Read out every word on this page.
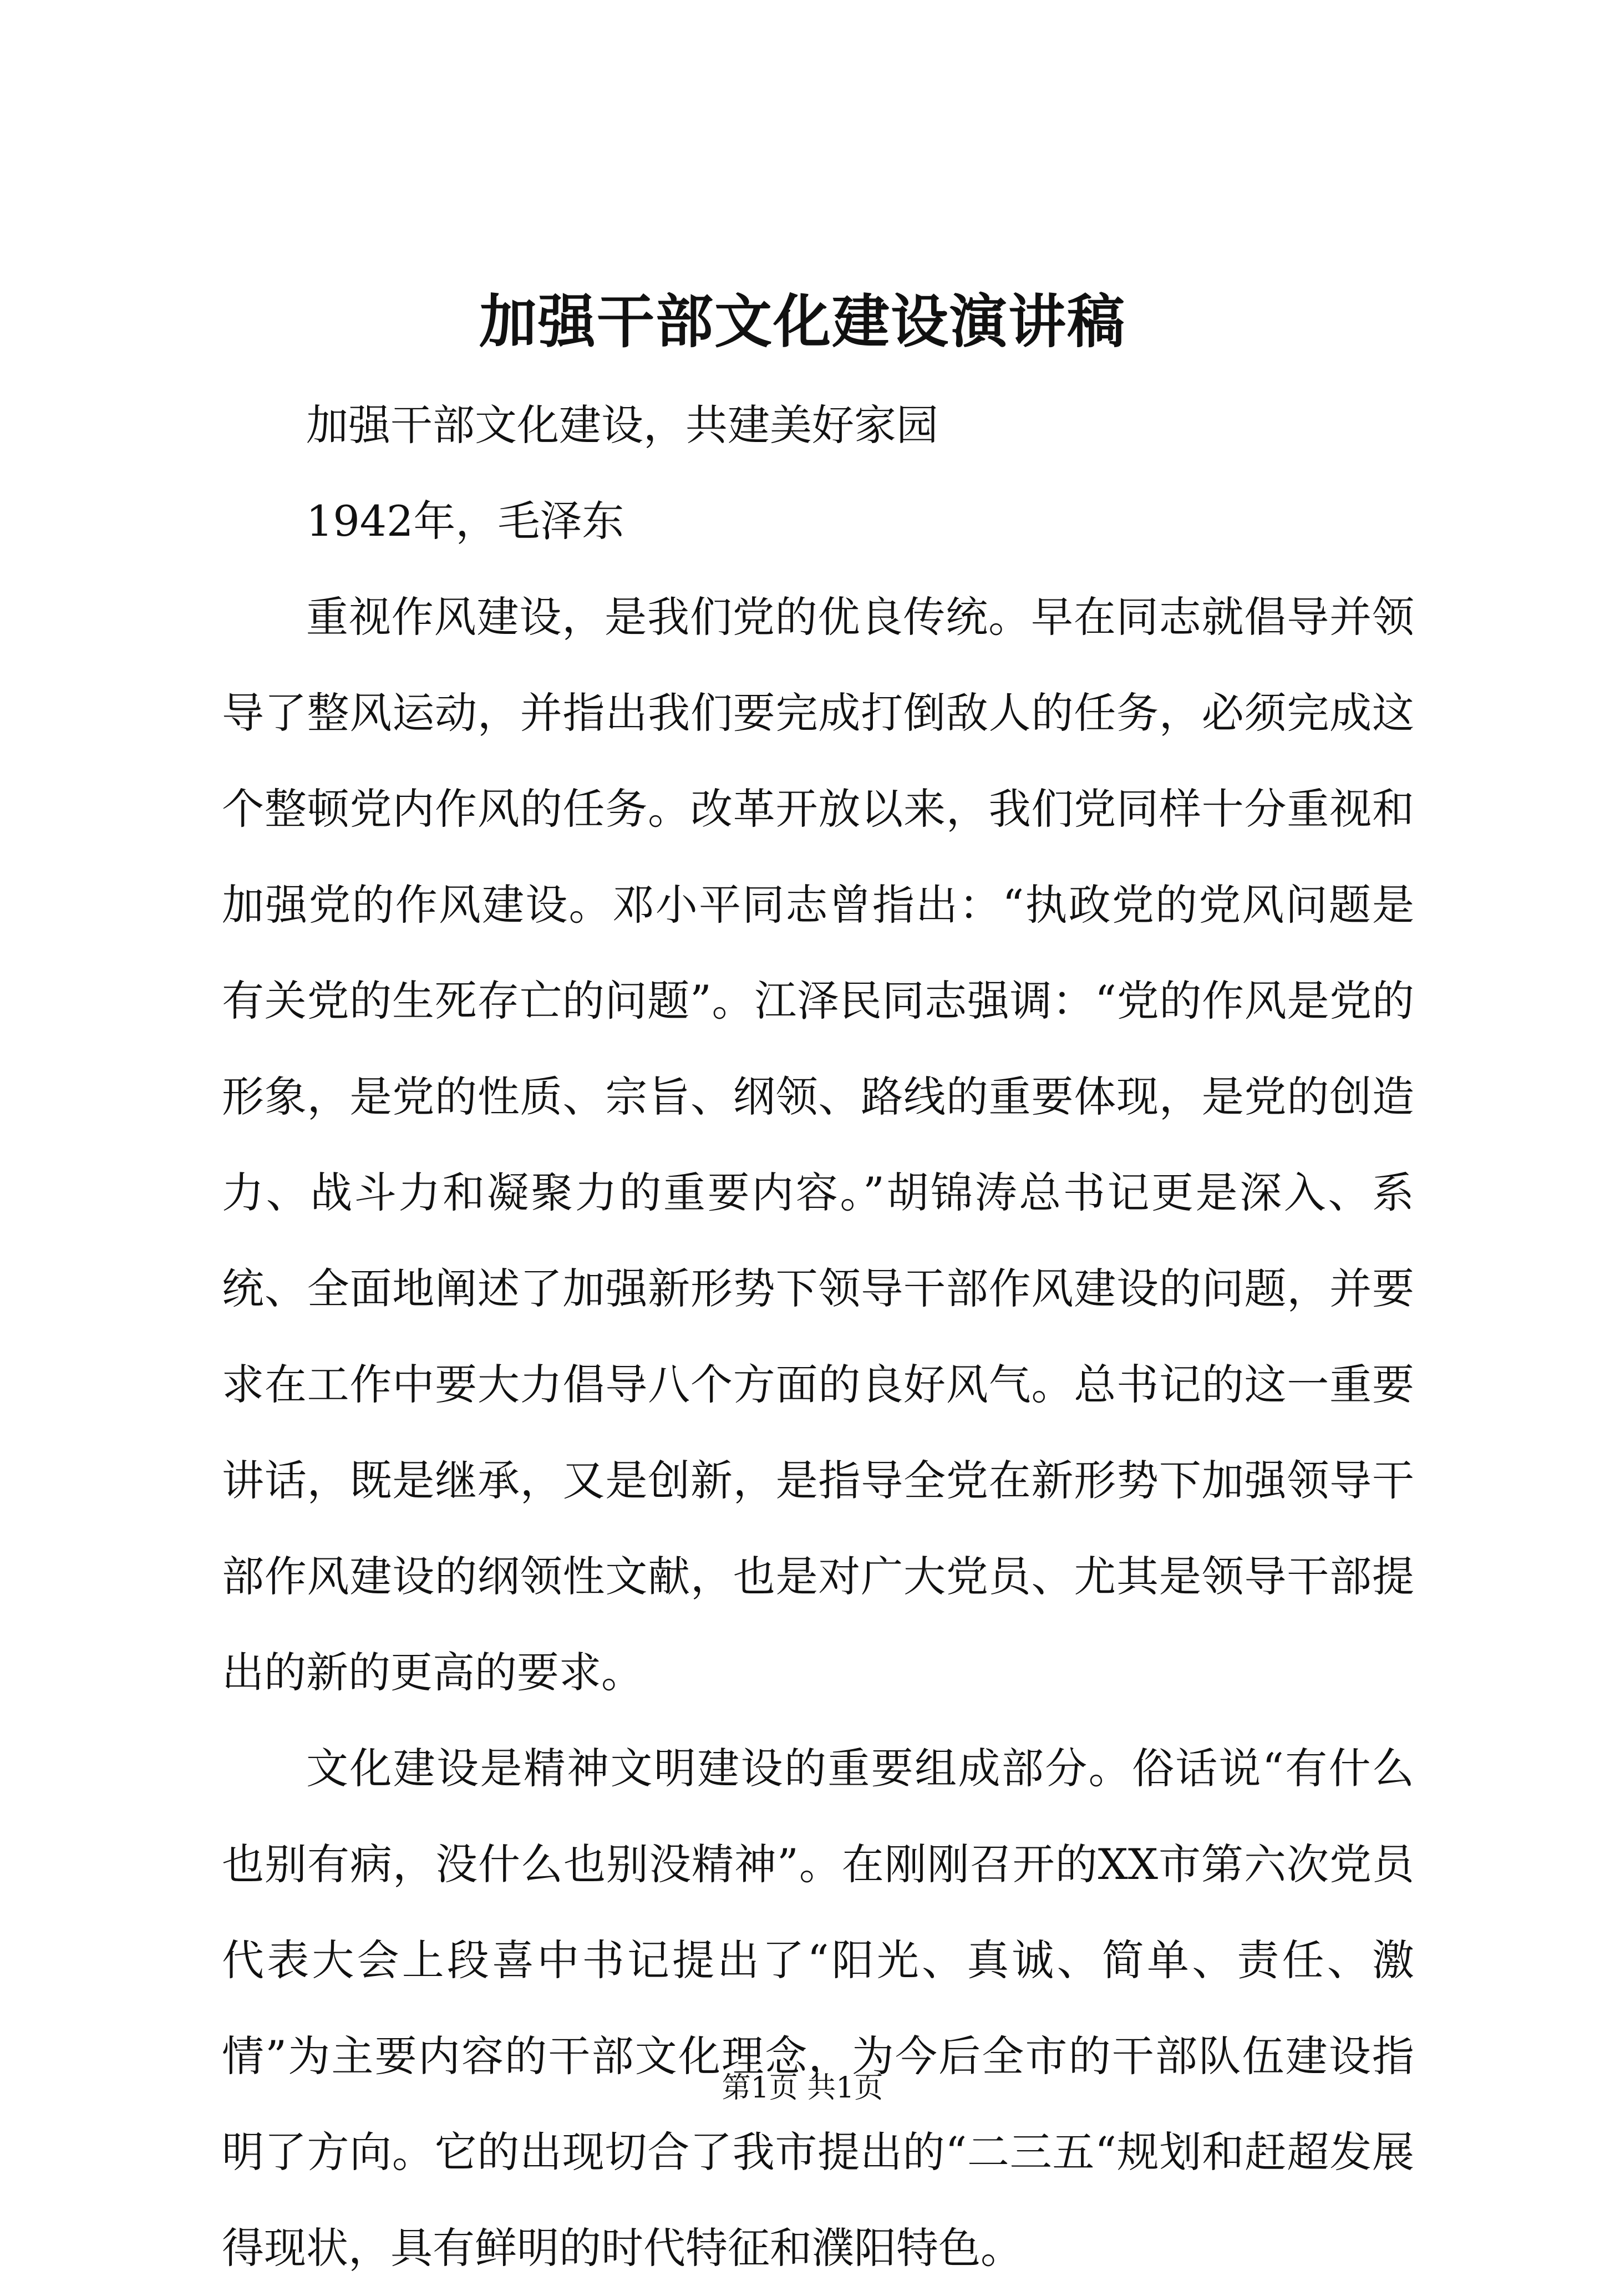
加强干部文化建设演讲稿

加强干部文化建设，共建美好家园

1942年，毛泽东

重视作风建设，是我们党的优良传统。早在同志就倡导并领导了整风运动，并指出我们要完成打倒敌人的任务，必须完成这个整顿党内作风的任务。改革开放以来，我们党同样十分重视和加强党的作风建设。邓小平同志曾指出：“执政党的党风问题是有关党的生死存亡的问题”。江泽民同志强调：“党的作风是党的形象，是党的性质、宗旨、纲领、路线的重要体现，是党的创造力、战斗力和凝聚力的重要内容。”胡锦涛总书记更是深入、系统、全面地阐述了加强新形势下领导干部作风建设的问题，并要求在工作中要大力倡导八个方面的良好风气。总书记的这一重要讲话，既是继承，又是创新，是指导全党在新形势下加强领导干部作风建设的纲领性文献，也是对广大党员、尤其是领导干部提出的新的更高的要求。

文化建设是精神文明建设的重要组成部分。俗话说“有什么也别有病，没什么也别没精神”。在刚刚召开的XX市第六次党员代表大会上段喜中书记提出了“阳光、真诚、简单、责任、激情”为主要内容的干部文化理念，为今后全市的干部队伍建设指明了方向。它的出现切合了我市提出的“二三五“规划和赶超发展得现状，具有鲜明的时代特征和濮阳特色。

第1页 共1页
